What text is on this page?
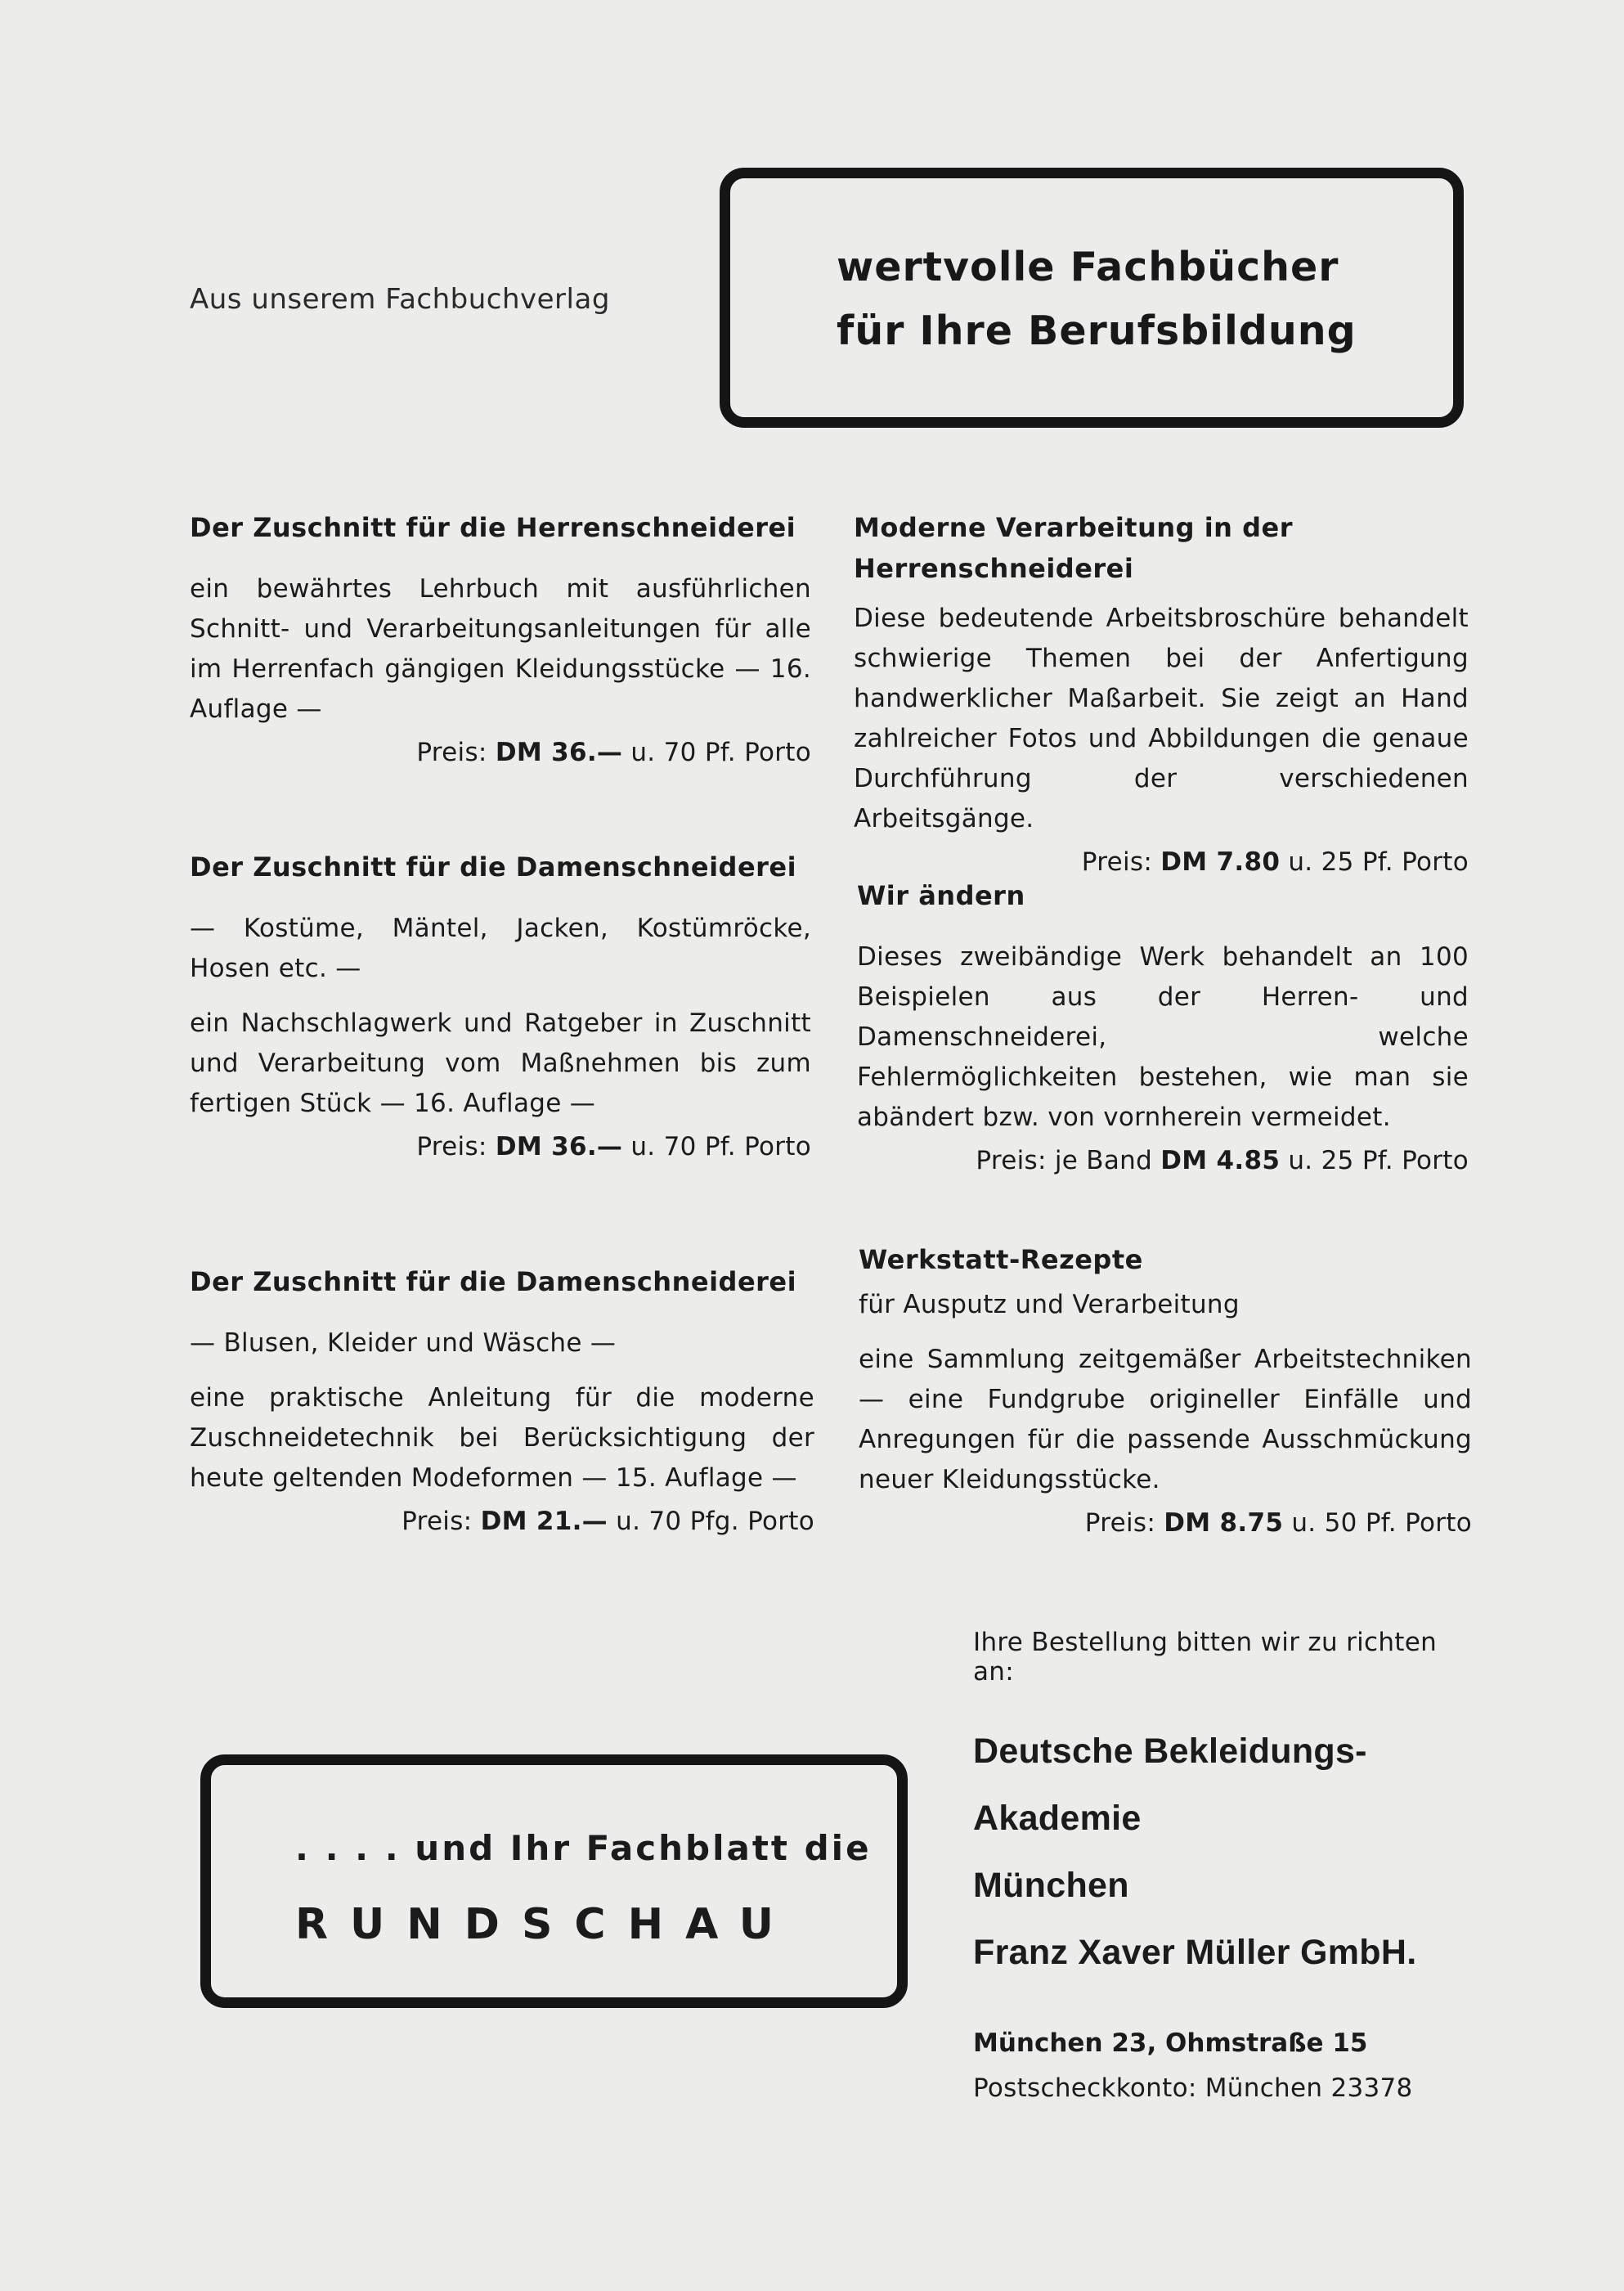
Aus unserem Fachbuchverlag
wertvolle Fachbücher
für Ihre Berufsbildung
Der Zuschnitt für die Herrenschneiderei

ein bewährtes Lehrbuch mit ausführlichen Schnitt- und Verarbeitungsanleitungen für alle im Herrenfach gängigen Kleidungsstücke — 16. Auflage —

Preis: DM 36.— u. 70 Pf. Porto
Der Zuschnitt für die Damenschneiderei

— Kostüme, Mäntel, Jacken, Kostümröcke, Hosen etc. —

ein Nachschlagwerk und Ratgeber in Zuschnitt und Verarbeitung vom Maßnehmen bis zum fertigen Stück — 16. Auflage —

Preis: DM 36.— u. 70 Pf. Porto
Der Zuschnitt für die Damenschneiderei

— Blusen, Kleider und Wäsche —

eine praktische Anleitung für die moderne Zuschneidetechnik bei Berücksichtigung der heute geltenden Modeformen — 15. Auflage —

Preis: DM 21.— u. 70 Pfg. Porto
Moderne Verarbeitung in der Herrenschneiderei

Diese bedeutende Arbeitsbroschüre behandelt schwierige Themen bei der Anfertigung handwerklicher Maßarbeit. Sie zeigt an Hand zahlreicher Fotos und Abbildungen die genaue Durchführung der verschiedenen Arbeitsgänge.

Preis: DM 7.80 u. 25 Pf. Porto
Wir ändern

Dieses zweibändige Werk behandelt an 100 Beispielen aus der Herren- und Damenschneiderei, welche Fehlermöglichkeiten bestehen, wie man sie abändert bzw. von vornherein vermeidet.

Preis: je Band DM 4.85 u. 25 Pf. Porto
Werkstatt-Rezepte

für Ausputz und Verarbeitung

eine Sammlung zeitgemäßer Arbeitstechniken — eine Fundgrube origineller Einfälle und Anregungen für die passende Ausschmückung neuer Kleidungsstücke.

Preis: DM 8.75 u. 50 Pf. Porto
Ihre Bestellung bitten wir zu richten an:
Deutsche Bekleidungs-Akademie
München
Franz Xaver Müller GmbH.
München 23, Ohmstraße 15
Postscheckkonto: München 23378
. . . . und Ihr Fachblatt die
RUNDSCHAU
